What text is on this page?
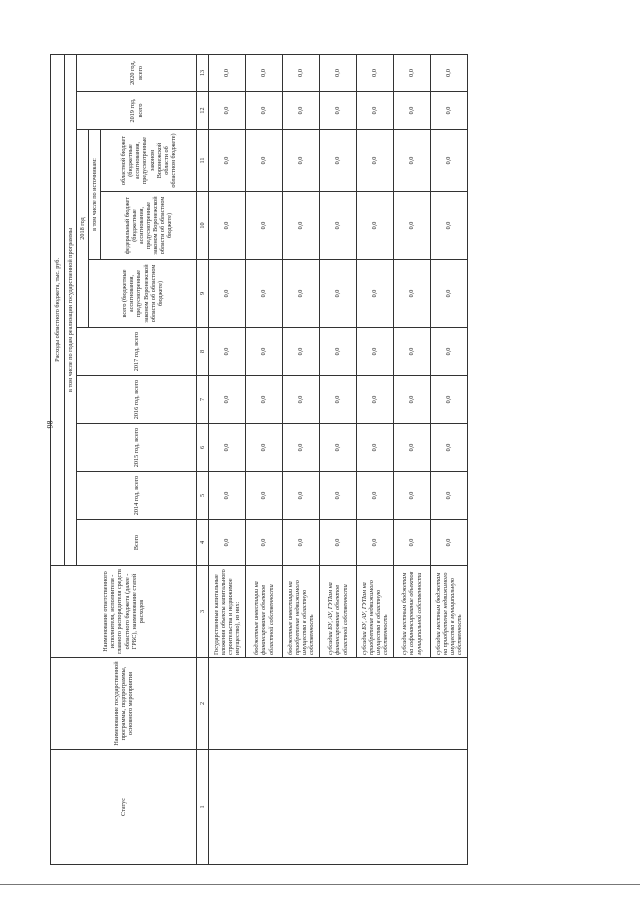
98
Статус	Наименование государственной программы, подпрограммы, основного мероприятия	Наименование ответственного исполнителя, исполнителя - главного распорядителя средств областного бюджета (далее - ГРБС), наименование статей расходов	Расходы областного бюджета, тыс. руб.									
			в том числе по годам реализации государственной программы									
			Всего	2014 год, всего	2015 год, всего	2016 год, всего	2017 год, всего	2018 год			2019 год, всего	2020 год, всего
								всего (бюджетные ассигнования, предусмотренные законом Воронежской области об областном бюджете)	в том числе по источникам:			
									федеральный бюджет (бюджетные ассигнования, предусмотренные законом Воронежской области об областном бюджете)	областной бюджет (бюджетные ассигнования, предусмотренные законом Воронежской области об областном бюджете)		
1	2	3	4	5	6	7	8	9	10	11	12	13
		Государственные капитальные вложения объекты капитального строительства и недвижимое имущество), из них:	0,0	0,0	0,0	0,0	0,0	0,0	0,0	0,0	0,0	0,0
		бюджетные инвестиции на финансирование объектов областной собственности	0,0	0,0	0,0	0,0	0,0	0,0	0,0	0,0	0,0	0,0
		бюджетные инвестиции на приобретение недвижимого имущества в областную собственность	0,0	0,0	0,0	0,0	0,0	0,0	0,0	0,0	0,0	0,0
		субсидии БУ, АУ, ГУПам на финансирование объектов областной собственности	0,0	0,0	0,0	0,0	0,0	0,0	0,0	0,0	0,0	0,0
		субсидии БУ, АУ, ГУПам на приобретение недвижимого имущества в областную собственность	0,0	0,0	0,0	0,0	0,0	0,0	0,0	0,0	0,0	0,0
		субсидии местным бюджетам на софинансирование объектов муниципальной собственности	0,0	0,0	0,0	0,0	0,0	0,0	0,0	0,0	0,0	0,0
		субсидии местным бюджетам на приобретение недвижимого имущества в муниципальную собственность	0,0	0,0	0,0	0,0	0,0	0,0	0,0	0,0	0,0	0,0
